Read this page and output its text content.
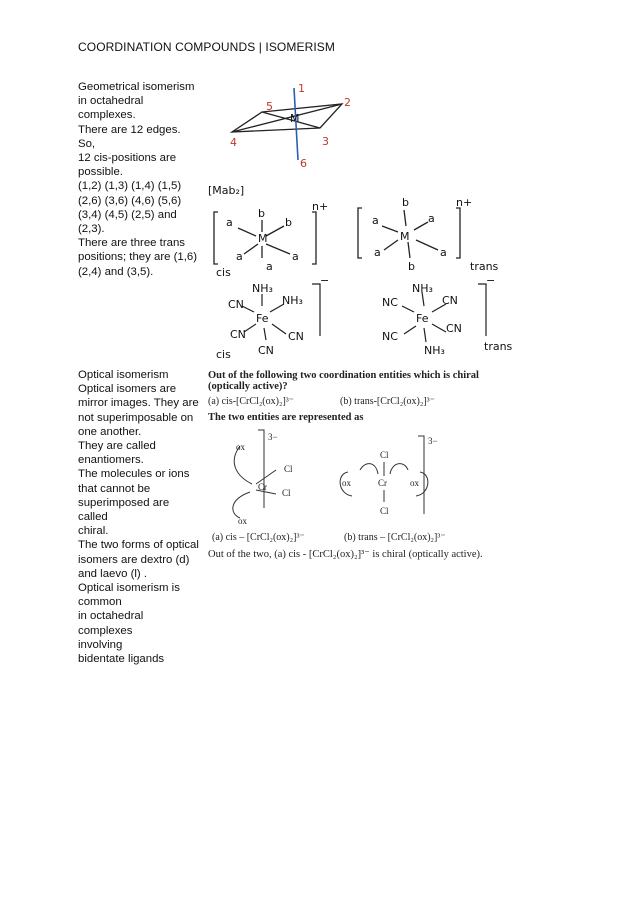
COORDINATION COMPOUNDS | ISOMERISM

Geometrical isomerism

in octahedral

complexes.

There are 12 edges. So,

12 cis-positions are

possible.

(1,2) (1,3) (1,4) (1,5)

(2,6) (3,6) (4,6) (5,6)

(3,4) (4,5) (2,5) and

(2,3).

There are three trans

positions; they are (1,6)

(2,4) and (3,5).

Optical isomerism

Optical isomers are

mirror images. They are

not superimposable on

one another.

They are called

enantiomers.

The molecules or ions

that cannot be

superimposed are called

chiral.

The two forms of optical

isomers are dextro (d)

and laevo (l) .

Optical isomerism is

common

in octahedral complexes

involving

bidentate ligands

M
1
2
3
4
5
6
[Mab₂]
M
b
b
a
a	a
a
n+
cis
M
b
a
a
a	a
b
n+
trans
Fe
NH₃
NH₃
CN
CN	CN
CN
−
cis
Fe
NH₃
CN
NC
NC
CN
NH₃
−
trans
Out of the following two coordination entities which is chiral
(optically active)?
(a) cis-[CrCl₂(ox)₂]³⁻	(b) trans-[CrCl₂(ox)₂]³⁻
The two entities are represented as
3−
ox
Cl
Cl
Cr
ox
3−
Cl
Cl
Cr
ox	ox
(a) cis – [CrCl₂(ox)₂]³⁻	(b) trans – [CrCl₂(ox)₂]³⁻
Out of the two, (a) cis - [CrCl₂(ox)₂]³⁻ is chiral (optically active).
